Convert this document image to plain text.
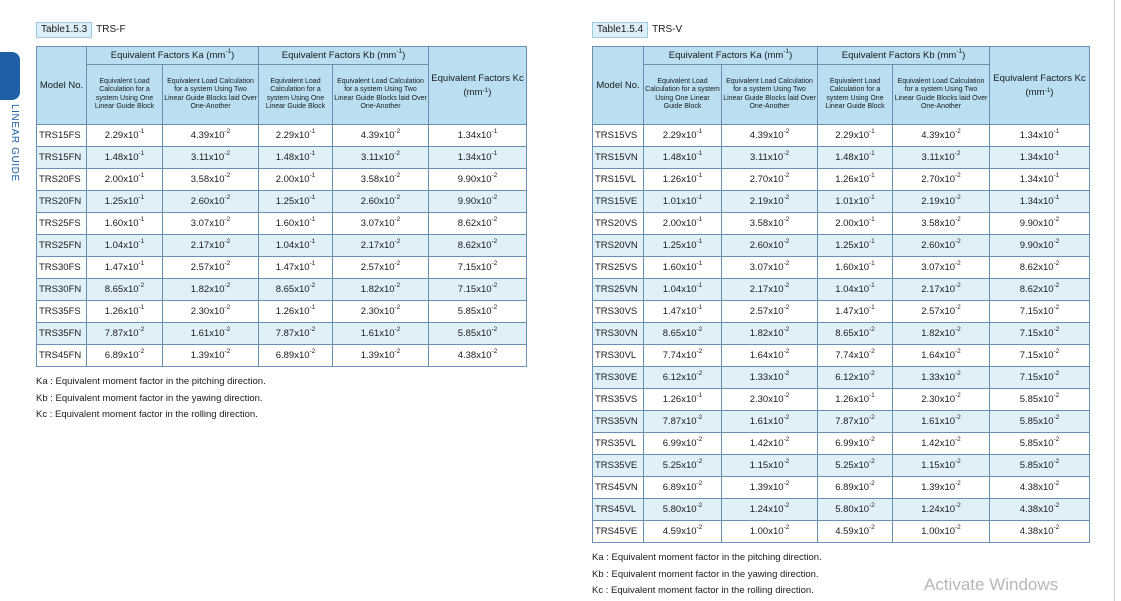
LINEAR GUIDE
Table1.5.3 TRS-F
Model No.	Equivalent Factors Ka $(mm^{-1})$		Equivalent Factors Kb $(mm^{-1})$		Equivalent Factors Kc $(mm^{-1})$
	Equivalent Load Calculation for a system Using One Linear Guide Block	Equivalent Load Calculation for a system Using Two Linear Guide Blocks laid Over One-Another	Equivalent Load Calculation for a system Using One Linear Guide Block	Equivalent Load Calculation for a system Using Two Linear Guide Blocks laid Over One-Another	
TRS15FS	$2.29x10^{-1}$	$4.39x10^{-2}$	$2.29x10^{-1}$	$4.39x10^{-2}$	$1.34x10^{-1}$
TRS15FN	$1.48x10^{-1}$	$3.11x10^{-2}$	$1.48x10^{-1}$	$3.11x10^{-2}$	$1.34x10^{-1}$
TRS20FS	$2.00x10^{-1}$	$3.58x10^{-2}$	$2.00x10^{-1}$	$3.58x10^{-2}$	$9.90x10^{-2}$
TRS20FN	$1.25x10^{-1}$	$2.60x10^{-2}$	$1.25x10^{-1}$	$2.60x10^{-2}$	$9.90x10^{-2}$
TRS25FS	$1.60x10^{-1}$	$3.07x10^{-2}$	$1.60x10^{-1}$	$3.07x10^{-2}$	$8.62x10^{-2}$
TRS25FN	$1.04x10^{-1}$	$2.17x10^{-2}$	$1.04x10^{-1}$	$2.17x10^{-2}$	$8.62x10^{-2}$
TRS30FS	$1.47x10^{-1}$	$2.57x10^{-2}$	$1.47x10^{-1}$	$2.57x10^{-2}$	$7.15x10^{-2}$
TRS30FN	$8.65x10^{-2}$	$1.82x10^{-2}$	$8.65x10^{-2}$	$1.82x10^{-2}$	$7.15x10^{-2}$
TRS35FS	$1.26x10^{-1}$	$2.30x10^{-2}$	$1.26x10^{-1}$	$2.30x10^{-2}$	$5.85x10^{-2}$
TRS35FN	$7.87x10^{-2}$	$1.61x10^{-2}$	$7.87x10^{-2}$	$1.61x10^{-2}$	$5.85x10^{-2}$
TRS45FN	$6.89x10^{-2}$	$1.39x10^{-2}$	$6.89x10^{-2}$	$1.39x10^{-2}$	$4.38x10^{-2}$
Ka : Equivalent moment factor in the pitching direction.
Kb : Equivalent moment factor in the yawing direction.
Kc : Equivalent moment factor in the rolling direction.
Table1.5.4 TRS-V
Model No.	Equivalent Factors Ka $(mm^{-1})$		Equivalent Factors Kb $(mm^{-1})$		Equivalent Factors Kc $(mm^{-1})$
	Equivalent Load Calculation for a system Using One Linear Guide Block	Equivalent Load Calculation for a system Using Two Linear Guide Blocks laid Over One-Another	Equivalent Load Calculation for a system Using One Linear Guide Block	Equivalent Load Calculation for a system Using Two Linear Guide Blocks laid Over One-Another	
TRS15VS	$2.29x10^{-1}$	$4.39x10^{-2}$	$2.29x10^{-1}$	$4.39x10^{-2}$	$1.34x10^{-1}$
TRS15VN	$1.48x10^{-1}$	$3.11x10^{-2}$	$1.48x10^{-1}$	$3.11x10^{-2}$	$1.34x10^{-1}$
TRS15VL	$1.26x10^{-1}$	$2.70x10^{-2}$	$1.26x10^{-1}$	$2.70x10^{-2}$	$1.34x10^{-1}$
TRS15VE	$1.01x10^{-1}$	$2.19x10^{-2}$	$1.01x10^{-1}$	$2.19x10^{-2}$	$1.34x10^{-1}$
TRS20VS	$2.00x10^{-1}$	$3.58x10^{-2}$	$2.00x10^{-1}$	$3.58x10^{-2}$	$9.90x10^{-2}$
TRS20VN	$1.25x10^{-1}$	$2.60x10^{-2}$	$1.25x10^{-1}$	$2.60x10^{-2}$	$9.90x10^{-2}$
TRS25VS	$1.60x10^{-1}$	$3.07x10^{-2}$	$1.60x10^{-1}$	$3.07x10^{-2}$	$8.62x10^{-2}$
TRS25VN	$1.04x10^{-1}$	$2.17x10^{-2}$	$1.04x10^{-1}$	$2.17x10^{-2}$	$8.62x10^{-2}$
TRS30VS	$1.47x10^{-1}$	$2.57x10^{-2}$	$1.47x10^{-1}$	$2.57x10^{-2}$	$7.15x10^{-2}$
TRS30VN	$8.65x10^{-2}$	$1.82x10^{-2}$	$8.65x10^{-2}$	$1.82x10^{-2}$	$7.15x10^{-2}$
TRS30VL	$7.74x10^{-2}$	$1.64x10^{-2}$	$7.74x10^{-2}$	$1.64x10^{-2}$	$7.15x10^{-2}$
TRS30VE	$6.12x10^{-2}$	$1.33x10^{-2}$	$6.12x10^{-2}$	$1.33x10^{-2}$	$7.15x10^{-2}$
TRS35VS	$1.26x10^{-1}$	$2.30x10^{-2}$	$1.26x10^{-1}$	$2.30x10^{-2}$	$5.85x10^{-2}$
TRS35VN	$7.87x10^{-2}$	$1.61x10^{-2}$	$7.87x10^{-2}$	$1.61x10^{-2}$	$5.85x10^{-2}$
TRS35VL	$6.99x10^{-2}$	$1.42x10^{-2}$	$6.99x10^{-2}$	$1.42x10^{-2}$	$5.85x10^{-2}$
TRS35VE	$5.25x10^{-2}$	$1.15x10^{-2}$	$5.25x10^{-2}$	$1.15x10^{-2}$	$5.85x10^{-2}$
TRS45VN	$6.89x10^{-2}$	$1.39x10^{-2}$	$6.89x10^{-2}$	$1.39x10^{-2}$	$4.38x10^{-2}$
TRS45VL	$5.80x10^{-2}$	$1.24x10^{-2}$	$5.80x10^{-2}$	$1.24x10^{-2}$	$4.38x10^{-2}$
TRS45VE	$4.59x10^{-2}$	$1.00x10^{-2}$	$4.59x10^{-2}$	$1.00x10^{-2}$	$4.38x10^{-2}$
Ka : Equivalent moment factor in the pitching direction.
Kb : Equivalent moment factor in the yawing direction.
Kc : Equivalent moment factor in the rolling direction.	Activate Windows
